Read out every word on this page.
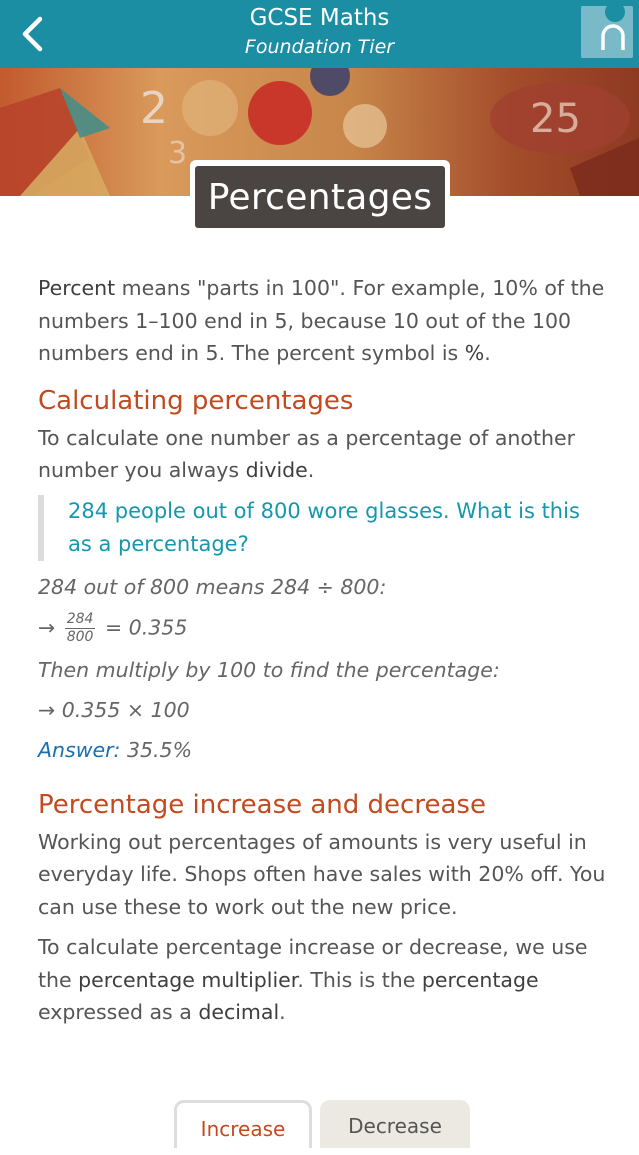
GCSE Maths
Foundation Tier
2
3
25
Percentages

Percent means "parts in 100". For example, 10% of the numbers 1–100 end in 5, because 10 out of the 100 numbers end in 5. The percent symbol is %.

Calculating percentages

To calculate one number as a percentage of another number you always divide.

284 people out of 800 wore glasses. What is this as a percentage?
284 out of 800 means 284 ÷ 800:
→ $\frac{284}{800} = 0.355$
Then multiply by 100 to find the percentage:
→ 0.355 × 100
Answer: 35.5%
Percentage increase and decrease

Working out percentages of amounts is very useful in everyday life. Shops often have sales with 20% off. You can use these to work out the new price.

To calculate percentage increase or decrease, we use the percentage multiplier. This is the percentage expressed as a decimal.

Increase	Decrease
